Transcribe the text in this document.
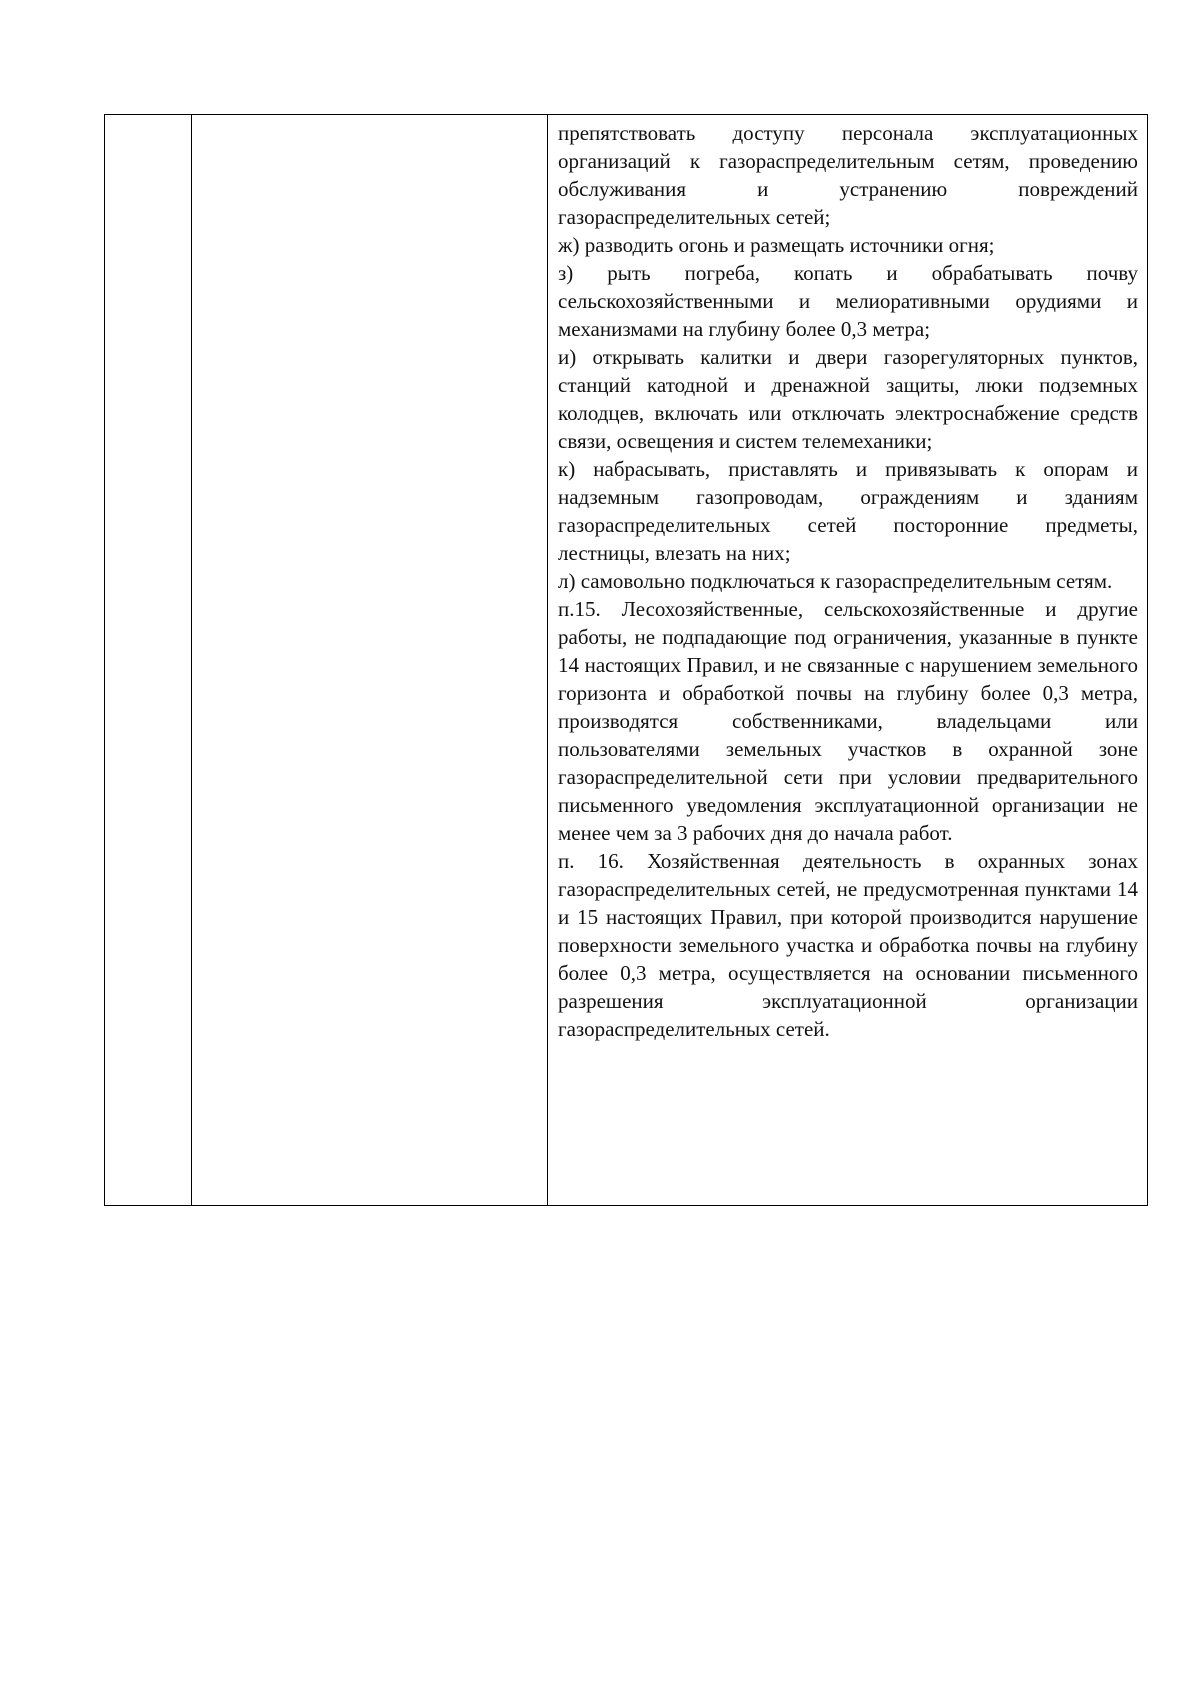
препятствовать доступу персонала эксплуатационных организаций к газораспределительным сетям, проведению обслуживания и устранению повреждений газораспределительных сетей;

ж) разводить огонь и размещать источники огня;

з) рыть погреба, копать и обрабатывать почву сельскохозяйственными и мелиоративными орудиями и механизмами на глубину более 0,3 метра;

и) открывать калитки и двери газорегуляторных пунктов, станций катодной и дренажной защиты, люки подземных колодцев, включать или отключать электроснабжение средств связи, освещения и систем телемеханики;

к) набрасывать, приставлять и привязывать к опорам и надземным газопроводам, ограждениям и зданиям газораспределительных сетей посторонние предметы, лестницы, влезать на них;

л) самовольно подключаться к газораспределительным сетям.

п.15. Лесохозяйственные, сельскохозяйственные и другие работы, не подпадающие под ограничения, указанные в пункте 14 настоящих Правил, и не связанные с нарушением земельного горизонта и обработкой почвы на глубину более 0,3 метра, производятся собственниками, владельцами или пользователями земельных участков в охранной зоне газораспределительной сети при условии предварительного письменного уведомления эксплуатационной организации не менее чем за 3 рабочих дня до начала работ.

п. 16. Хозяйственная деятельность в охранных зонах газораспределительных сетей, не предусмотренная пунктами 14 и 15 настоящих Правил, при которой производится нарушение поверхности земельного участка и обработка почвы на глубину более 0,3 метра, осуществляется на основании письменного разрешения эксплуатационной организации газораспределительных сетей.
